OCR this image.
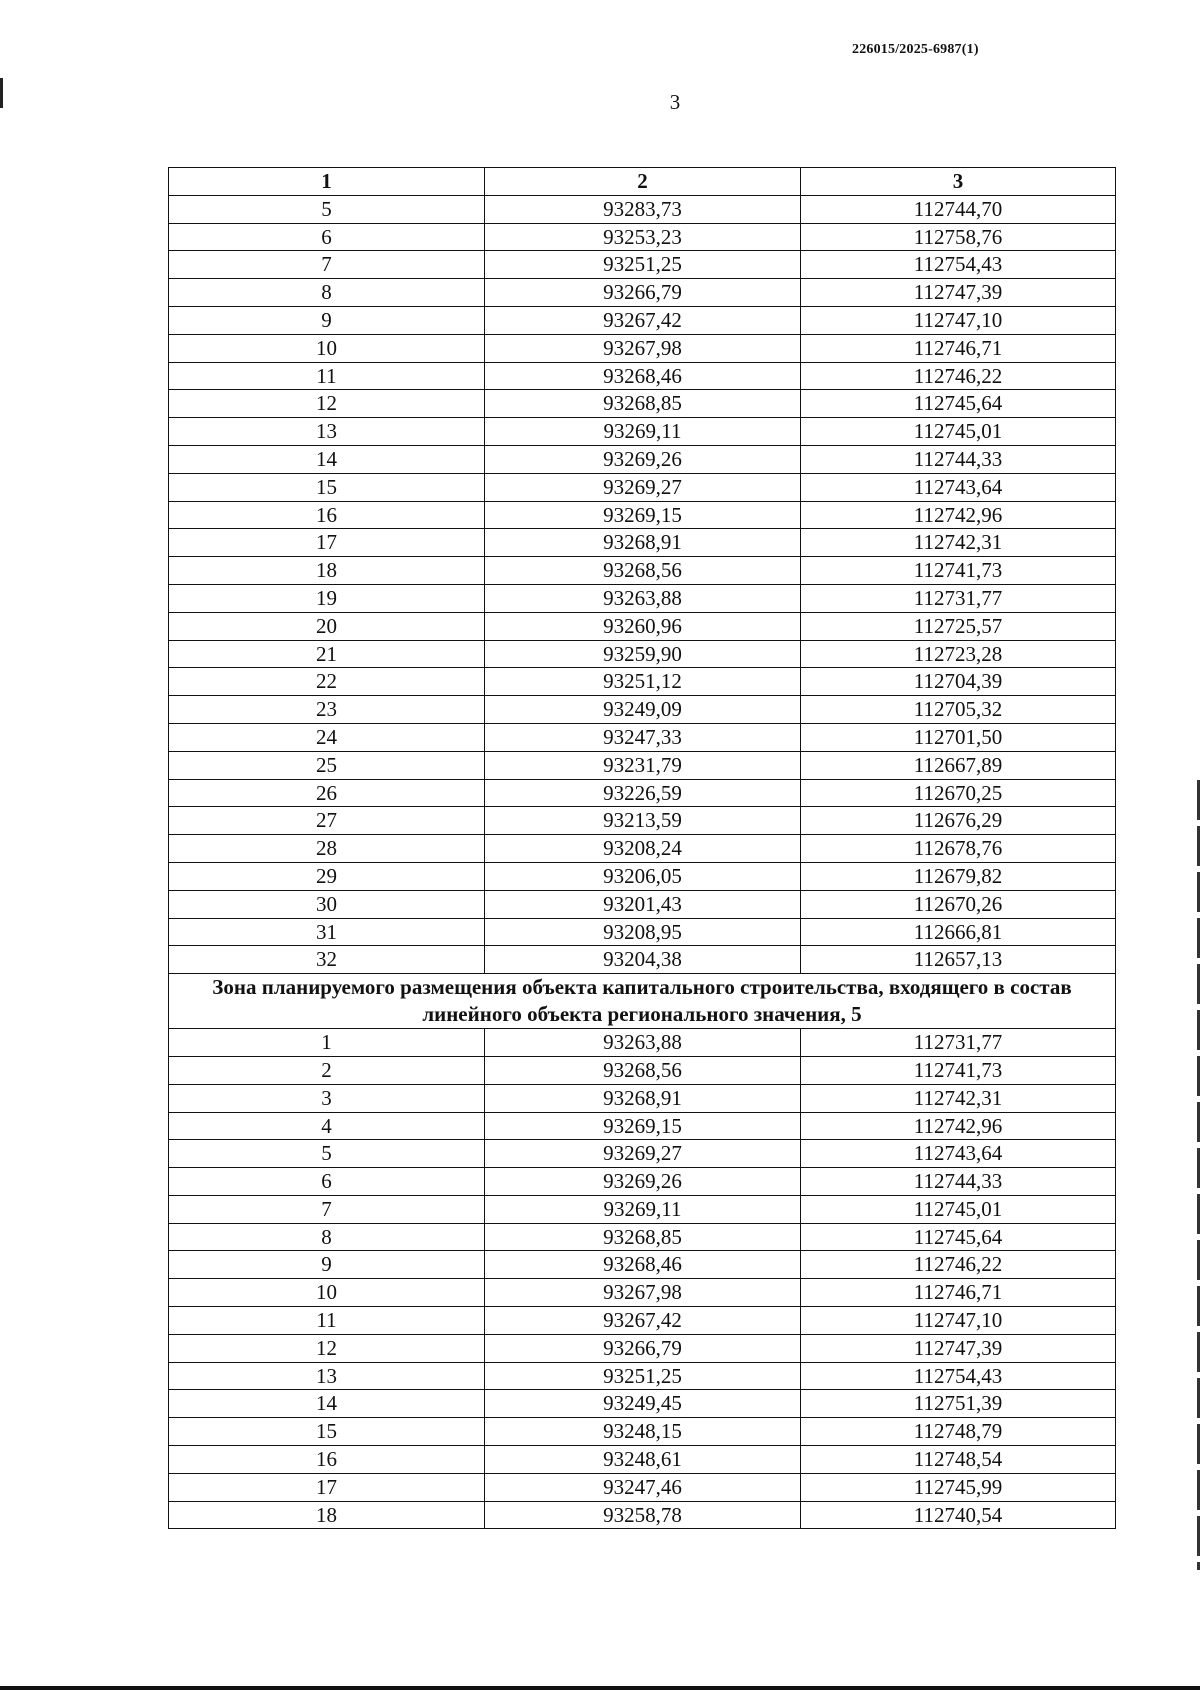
226015/2025-6987(1)
3
1	2	3
5	93283,73	112744,70
6	93253,23	112758,76
7	93251,25	112754,43
8	93266,79	112747,39
9	93267,42	112747,10
10	93267,98	112746,71
11	93268,46	112746,22
12	93268,85	112745,64
13	93269,11	112745,01
14	93269,26	112744,33
15	93269,27	112743,64
16	93269,15	112742,96
17	93268,91	112742,31
18	93268,56	112741,73
19	93263,88	112731,77
20	93260,96	112725,57
21	93259,90	112723,28
22	93251,12	112704,39
23	93249,09	112705,32
24	93247,33	112701,50
25	93231,79	112667,89
26	93226,59	112670,25
27	93213,59	112676,29
28	93208,24	112678,76
29	93206,05	112679,82
30	93201,43	112670,26
31	93208,95	112666,81
32	93204,38	112657,13
Зона планируемого размещения объекта капитального строительства, входящего в состав линейного объекта регионального значения, 5		
1	93263,88	112731,77
2	93268,56	112741,73
3	93268,91	112742,31
4	93269,15	112742,96
5	93269,27	112743,64
6	93269,26	112744,33
7	93269,11	112745,01
8	93268,85	112745,64
9	93268,46	112746,22
10	93267,98	112746,71
11	93267,42	112747,10
12	93266,79	112747,39
13	93251,25	112754,43
14	93249,45	112751,39
15	93248,15	112748,79
16	93248,61	112748,54
17	93247,46	112745,99
18	93258,78	112740,54
